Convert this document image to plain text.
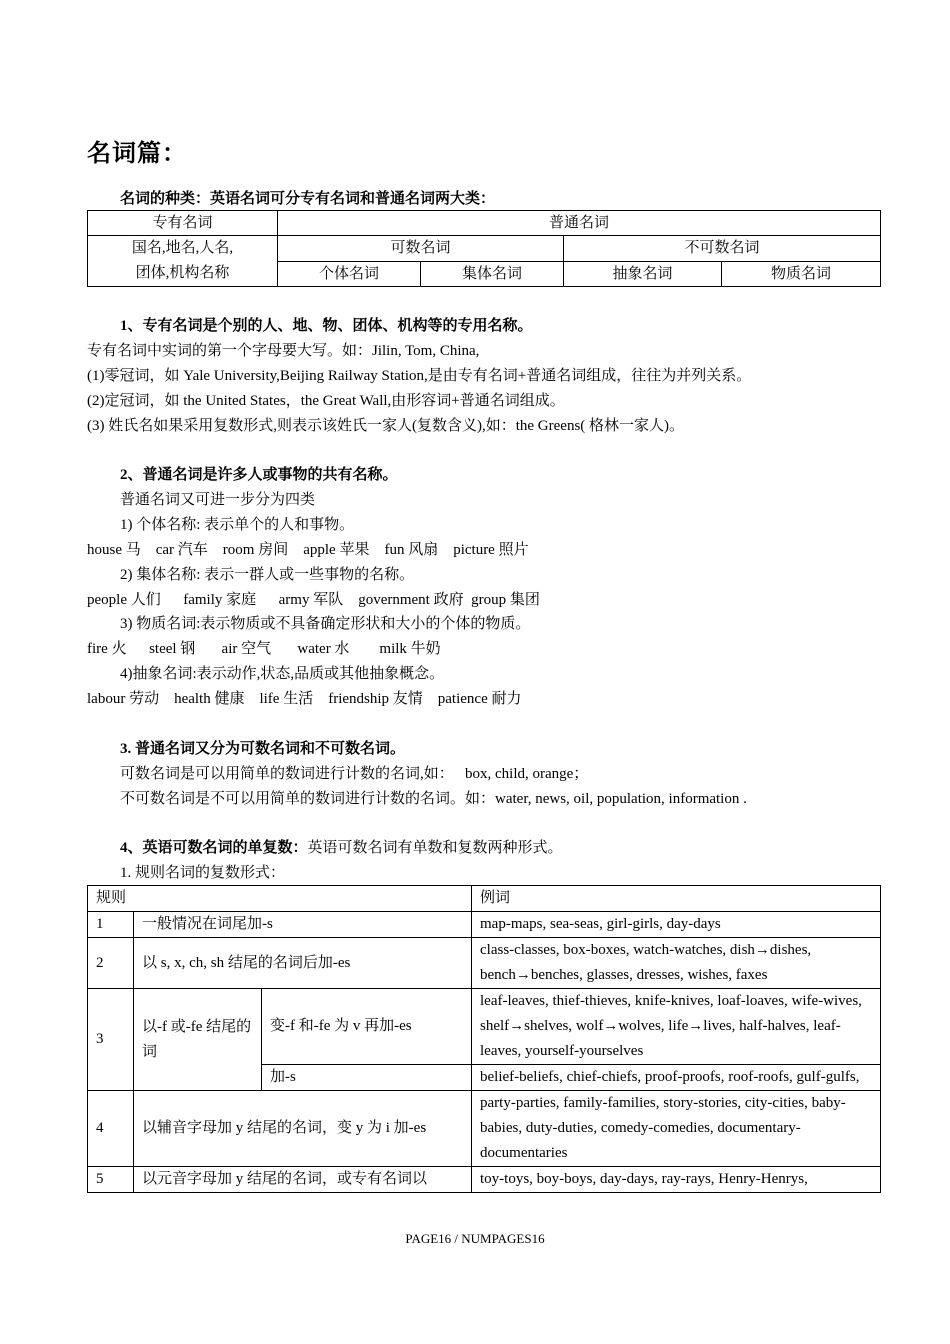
名词篇：
名词的种类：英语名词可分专有名词和普通名词两大类：
专有名词	普通名词			
国名,地名,人名,
团体,机构名称	可数名词		不可数名词	
	个体名词	集体名词	抽象名词	物质名词
1、专有名词是个别的人、地、物、团体、机构等的专用名称。
专有名词中实词的第一个字母要大写。如：Jilin, Tom, China,
(1)零冠词，如 Yale University,Beijing Railway Station,是由专有名词+普通名词组成，往往为并列关系。
(2)定冠词，如 the United States，the Great Wall,由形容词+普通名词组成。
(3) 姓氏名如果采用复数形式,则表示该姓氏一家人(复数含义),如：the Greens( 格林一家人)。
2、普通名词是许多人或事物的共有名称。
普通名词又可进一步分为四类
1) 个体名称: 表示单个的人和事物。
house 马    car 汽车    room 房间    apple 苹果    fun 风扇    picture 照片
2) 集体名称: 表示一群人或一些事物的名称。
people 人们      family 家庭      army 军队    government 政府  group 集团
3) 物质名词:表示物质或不具备确定形状和大小的个体的物质。
fire 火      steel 钢       air 空气       water 水        milk 牛奶
4)抽象名词:表示动作,状态,品质或其他抽象概念。
labour 劳动    health 健康    life 生活    friendship 友情    patience 耐力
3. 普通名词又分为可数名词和不可数名词。
可数名词是可以用简单的数词进行计数的名词,如：   box, child, orange；
不可数名词是不可以用简单的数词进行计数的名词。如：water, news, oil, population, information .
4、英语可数名词的单复数：英语可数名词有单数和复数两种形式。
1. 规则名词的复数形式：
规则			例词
1	一般情况在词尾加-s		map-maps, sea-seas, girl-girls, day-days
2	以 s, x, ch, sh 结尾的名词后加-es		class-classes, box-boxes, watch-watches, dish→dishes, bench→benches, glasses, dresses, wishes, faxes
3	以-f 或-fe 结尾的词	变-f 和-fe 为 v 再加-es	leaf-leaves, thief-thieves, knife-knives, loaf-loaves, wife-wives, shelf→shelves, wolf→wolves, life→lives, half-halves, leaf-leaves, yourself-yourselves
		加-s	belief-beliefs, chief-chiefs, proof-proofs, roof-roofs, gulf-gulfs,
4	以辅音字母加 y 结尾的名词，变 y 为 i 加-es		party-parties, family-families, story-stories, city-cities, baby-babies, duty-duties, comedy-comedies, documentary-documentaries
5	以元音字母加 y 结尾的名词，或专有名词以		toy-toys, boy-boys, day-days, ray-rays, Henry-Henrys,
PAGE16 / NUMPAGES16
